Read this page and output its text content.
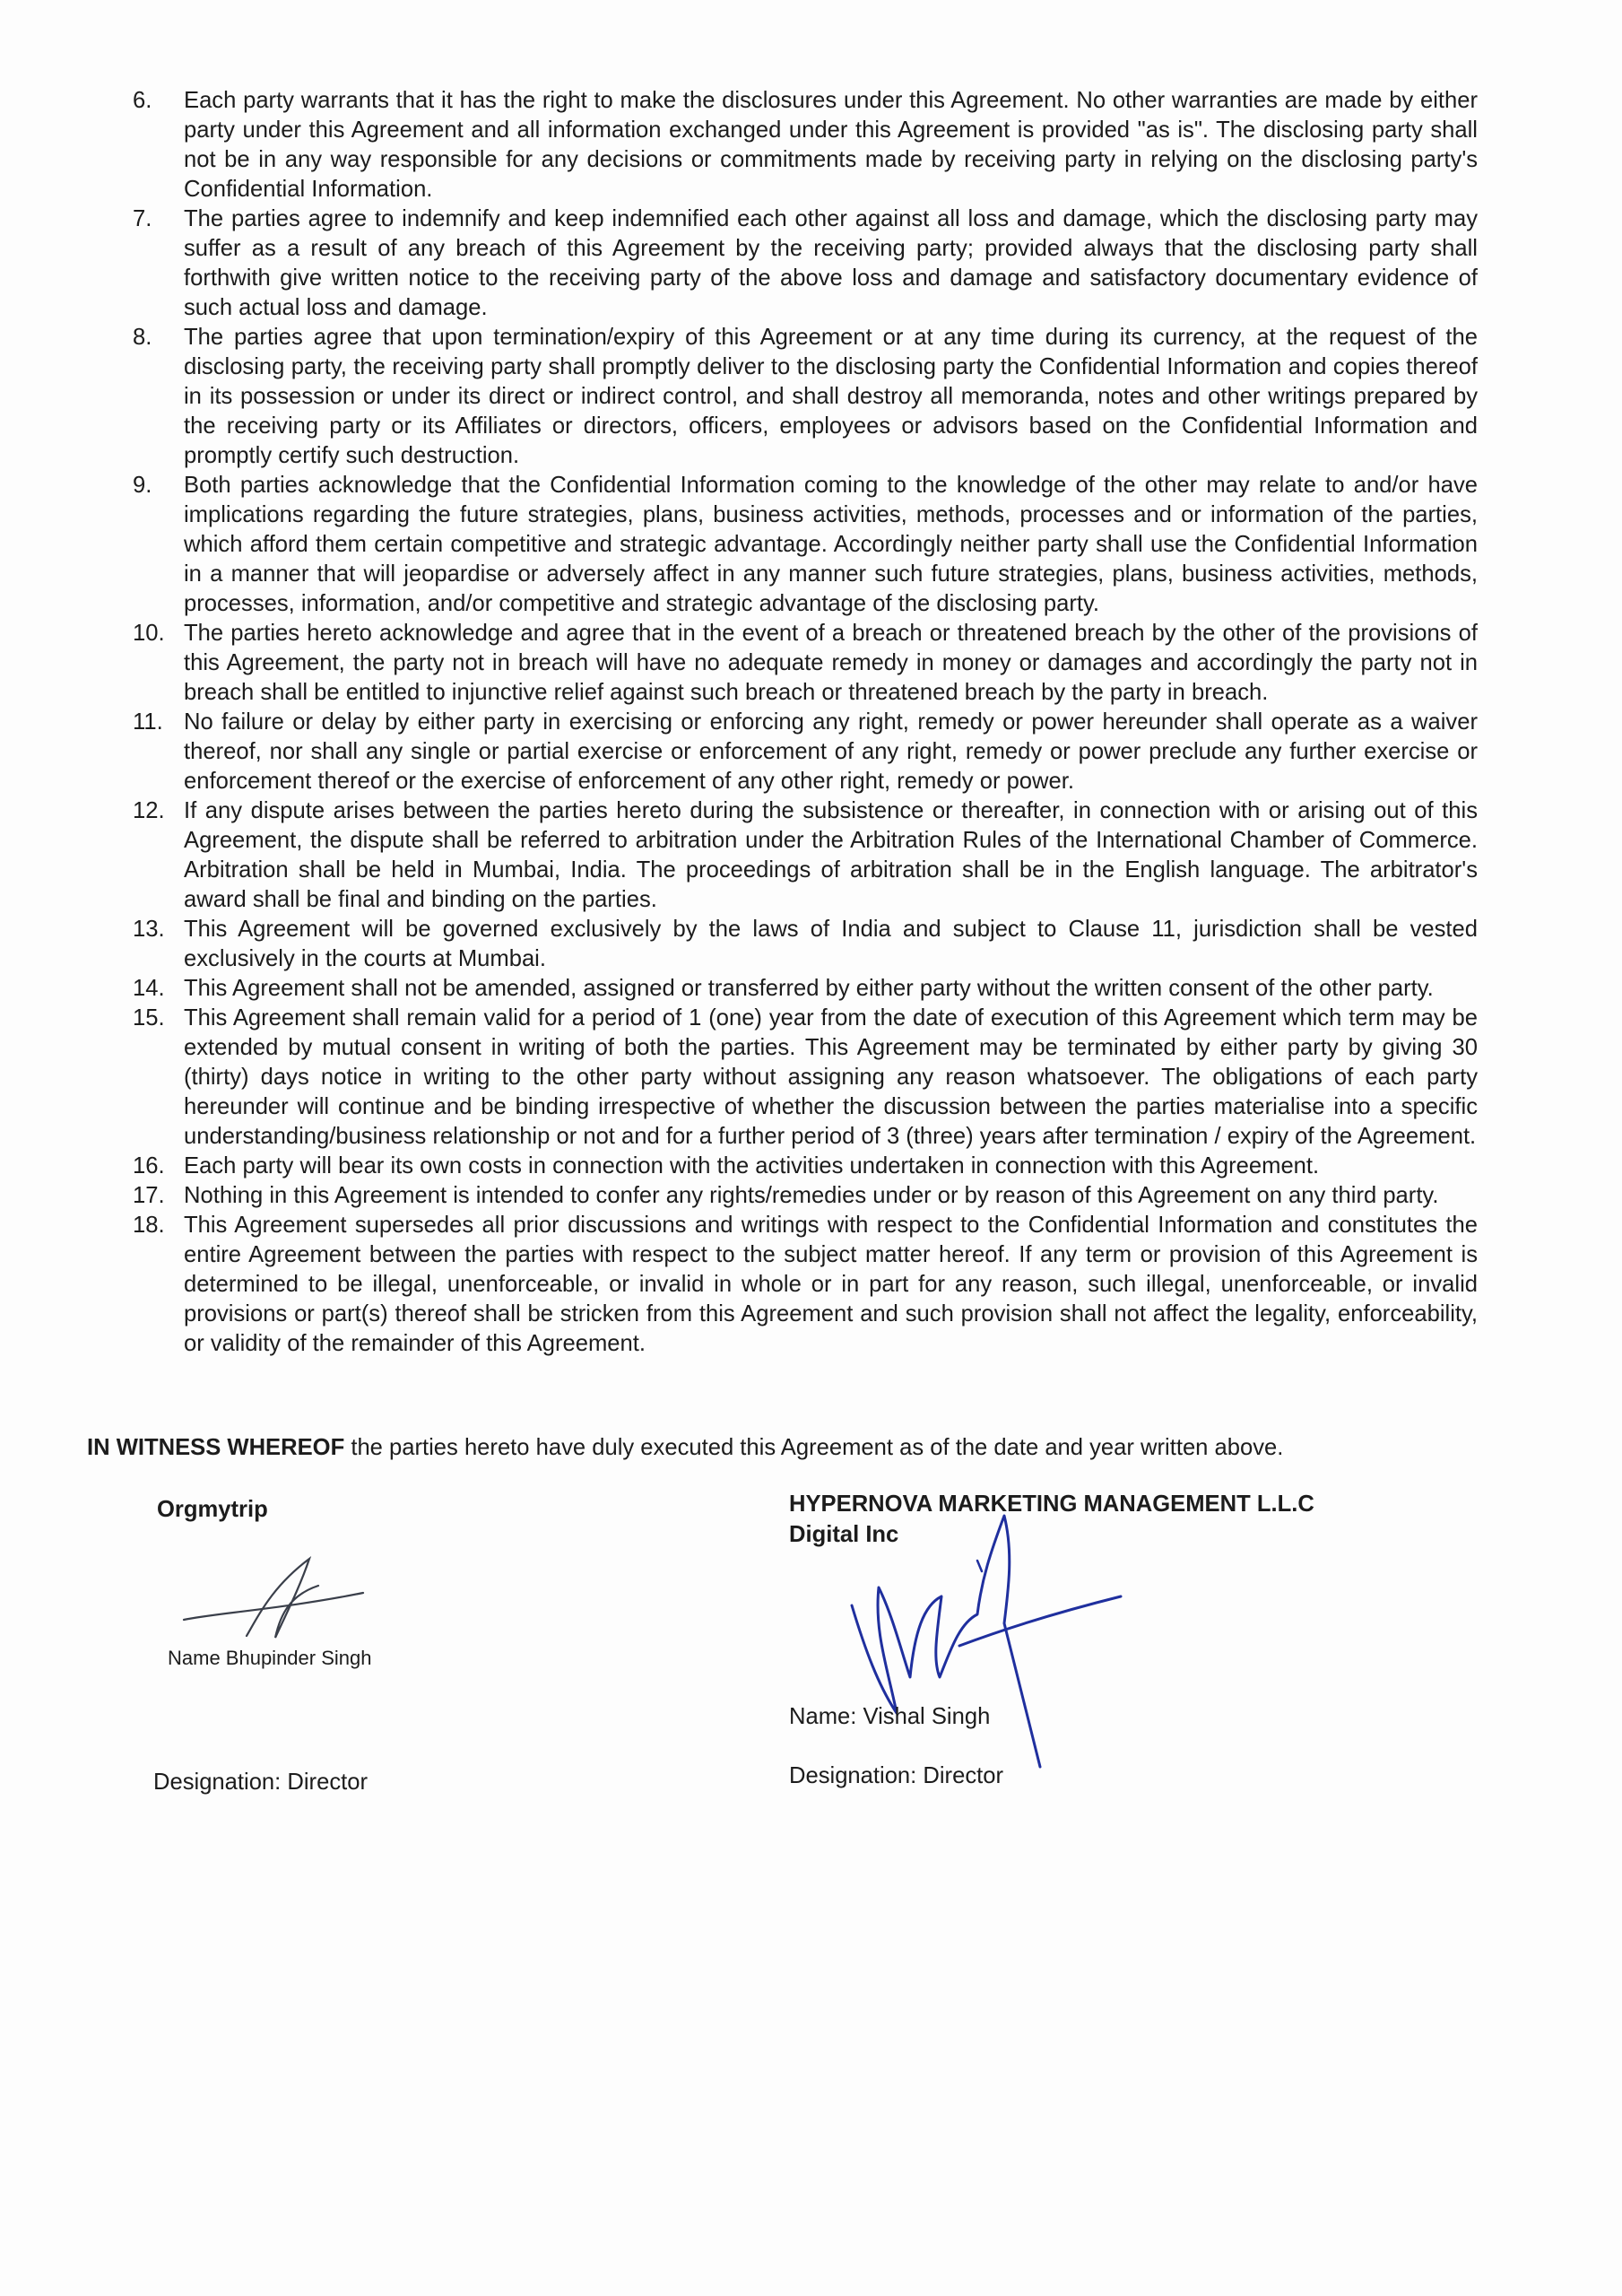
6. Each party warrants that it has the right to make the disclosures under this Agreement. No other warranties are made by either party under this Agreement and all information exchanged under this Agreement is provided "as is". The disclosing party shall not be in any way responsible for any decisions or commitments made by receiving party in relying on the disclosing party's Confidential Information.
7. The parties agree to indemnify and keep indemnified each other against all loss and damage, which the disclosing party may suffer as a result of any breach of this Agreement by the receiving party; provided always that the disclosing party shall forthwith give written notice to the receiving party of the above loss and damage and satisfactory documentary evidence of such actual loss and damage.
8. The parties agree that upon termination/expiry of this Agreement or at any time during its currency, at the request of the disclosing party, the receiving party shall promptly deliver to the disclosing party the Confidential Information and copies thereof in its possession or under its direct or indirect control, and shall destroy all memoranda, notes and other writings prepared by the receiving party or its Affiliates or directors, officers, employees or advisors based on the Confidential Information and promptly certify such destruction.
9. Both parties acknowledge that the Confidential Information coming to the knowledge of the other may relate to and/or have implications regarding the future strategies, plans, business activities, methods, processes and or information of the parties, which afford them certain competitive and strategic advantage. Accordingly neither party shall use the Confidential Information in a manner that will jeopardise or adversely affect in any manner such future strategies, plans, business activities, methods, processes, information, and/or competitive and strategic advantage of the disclosing party.
10. The parties hereto acknowledge and agree that in the event of a breach or threatened breach by the other of the provisions of this Agreement, the party not in breach will have no adequate remedy in money or damages and accordingly the party not in breach shall be entitled to injunctive relief against such breach or threatened breach by the party in breach.
11. No failure or delay by either party in exercising or enforcing any right, remedy or power hereunder shall operate as a waiver thereof, nor shall any single or partial exercise or enforcement of any right, remedy or power preclude any further exercise or enforcement thereof or the exercise of enforcement of any other right, remedy or power.
12. If any dispute arises between the parties hereto during the subsistence or thereafter, in connection with or arising out of this Agreement, the dispute shall be referred to arbitration under the Arbitration Rules of the International Chamber of Commerce. Arbitration shall be held in Mumbai, India. The proceedings of arbitration shall be in the English language. The arbitrator's award shall be final and binding on the parties.
13. This Agreement will be governed exclusively by the laws of India and subject to Clause 11, jurisdiction shall be vested exclusively in the courts at Mumbai.
14. This Agreement shall not be amended, assigned or transferred by either party without the written consent of the other party.
15. This Agreement shall remain valid for a period of 1 (one) year from the date of execution of this Agreement which term may be extended by mutual consent in writing of both the parties. This Agreement may be terminated by either party by giving 30 (thirty) days notice in writing to the other party without assigning any reason whatsoever. The obligations of each party hereunder will continue and be binding irrespective of whether the discussion between the parties materialise into a specific understanding/business relationship or not and for a further period of 3 (three) years after termination / expiry of the Agreement.
16. Each party will bear its own costs in connection with the activities undertaken in connection with this Agreement.
17. Nothing in this Agreement is intended to confer any rights/remedies under or by reason of this Agreement on any third party.
18. This Agreement supersedes all prior discussions and writings with respect to the Confidential Information and constitutes the entire Agreement between the parties with respect to the subject matter hereof. If any term or provision of this Agreement is determined to be illegal, unenforceable, or invalid in whole or in part for any reason, such illegal, unenforceable, or invalid provisions or part(s) thereof shall be stricken from this Agreement and such provision shall not affect the legality, enforceability, or validity of the remainder of this Agreement.
IN WITNESS WHEREOF the parties hereto have duly executed this Agreement as of the date and year written above.
Orgmytrip
Name Bhupinder Singh
Designation: Director
HYPERNOVA MARKETING MANAGEMENT L.L.C
Digital Inc
Name: Vishal Singh
Designation: Director
